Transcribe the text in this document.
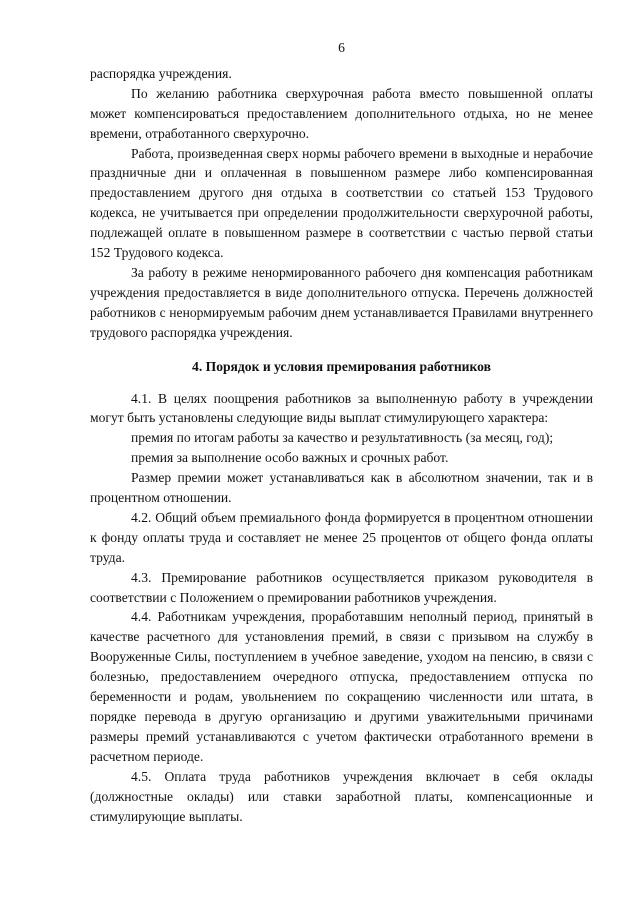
6

распорядка учреждения.

По желанию работника сверхурочная работа вместо повышенной оплаты может компенсироваться предоставлением дополнительного отдыха, но не менее времени, отработанного сверхурочно.

Работа, произведенная сверх нормы рабочего времени в выходные и нерабочие праздничные дни и оплаченная в повышенном размере либо компенсированная предоставлением другого дня отдыха в соответствии со статьей 153 Трудового кодекса, не учитывается при определении продолжительности сверхурочной работы, подлежащей оплате в повышенном размере в соответствии с частью первой статьи 152 Трудового кодекса.

За работу в режиме ненормированного рабочего дня компенсация работникам учреждения предоставляется в виде дополнительного отпуска. Перечень должностей работников с ненормируемым рабочим днем устанавливается Правилами внутреннего трудового распорядка учреждения.

4. Порядок и условия премирования работников

4.1. В целях поощрения работников за выполненную работу в учреждении могут быть установлены следующие виды выплат стимулирующего характера:

премия по итогам работы за качество и результативность (за месяц, год);

премия за выполнение особо важных и срочных работ.

Размер премии может устанавливаться как в абсолютном значении, так и в процентном отношении.

4.2. Общий объем премиального фонда формируется в процентном отношении к фонду оплаты труда и составляет не менее 25 процентов от общего фонда оплаты труда.

4.3. Премирование работников осуществляется приказом руководителя в соответствии с Положением о премировании работников учреждения.

4.4. Работникам учреждения, проработавшим неполный период, принятый в качестве расчетного для установления премий, в связи с призывом на службу в Вооруженные Силы, поступлением в учебное заведение, уходом на пенсию, в связи с болезнью, предоставлением очередного отпуска, предоставлением отпуска по беременности и родам, увольнением по сокращению численности или штата, в порядке перевода в другую организацию и другими уважительными причинами размеры премий устанавливаются с учетом фактически отработанного времени в расчетном периоде.

4.5. Оплата труда работников учреждения включает в себя оклады (должностные оклады) или ставки заработной платы, компенсационные и стимулирующие выплаты.
